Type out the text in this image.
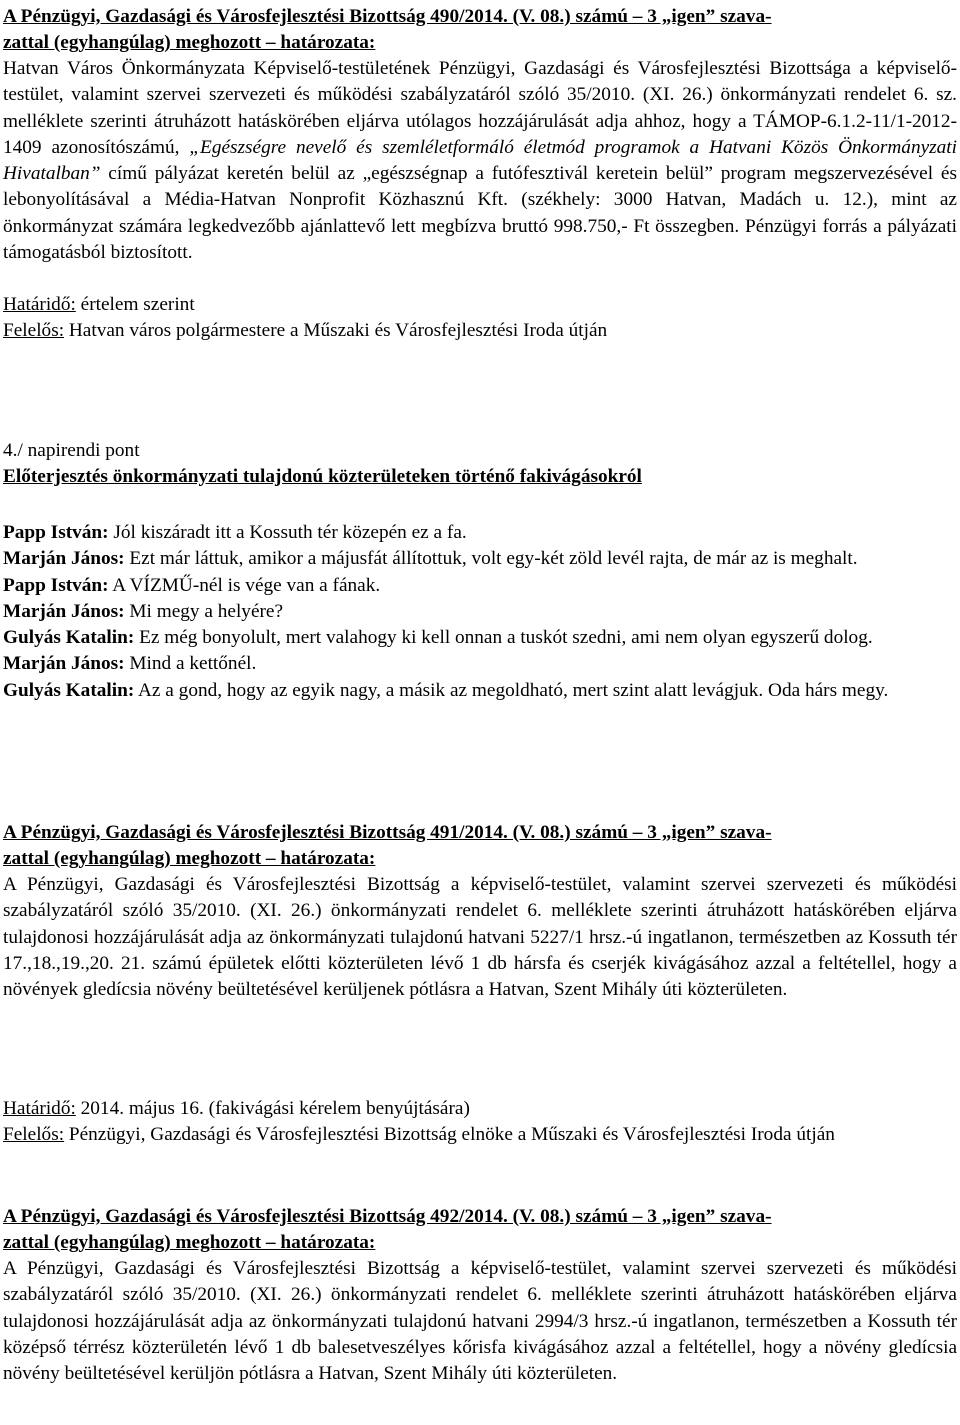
A Pénzügyi, Gazdasági és Városfejlesztési Bizottság 490/2014. (V. 08.) számú – 3 „igen” szava-
zattal (egyhangúlag) meghozott – határozata:

Hatvan Város Önkormányzata Képviselő-testületének Pénzügyi, Gazdasági és Városfejlesztési Bizottsága a képviselő-testület, valamint szervei szervezeti és működési szabályzatáról szóló 35/2010. (XI. 26.) önkormányzati rendelet 6. sz. melléklete szerinti átruházott hatáskörében eljárva utólagos hozzájárulását adja ahhoz, hogy a TÁMOP-6.1.2-11/1-2012-1409 azonosítószámú, „Egészségre nevelő és szemléletformáló életmód programok a Hatvani Közös Önkormányzati Hivatalban” című pályázat keretén belül az „egészségnap a futófesztivál keretein belül” program megszervezésével és lebonyolításával a Média-Hatvan Nonprofit Közhasznú Kft. (székhely: 3000 Hatvan, Madách u. 12.), mint az önkormányzat számára legkedvezőbb ajánlattevő lett megbízva bruttó 998.750,- Ft összegben. Pénzügyi forrás a pályázati támogatásból biztosított.

Határidő: értelem szerint
Felelős: Hatvan város polgármestere a Műszaki és Városfejlesztési Iroda útján
4./ napirendi pont
Előterjesztés önkormányzati tulajdonú közterületeken történő fakivágásokról
Papp István: Jól kiszáradt itt a Kossuth tér közepén ez a fa.
Marján János: Ezt már láttuk, amikor a májusfát állítottuk, volt egy-két zöld levél rajta, de már az is meghalt.
Papp István: A VÍZMŰ-nél is vége van a fának.
Marján János: Mi megy a helyére?
Gulyás Katalin: Ez még bonyolult, mert valahogy ki kell onnan a tuskót szedni, ami nem olyan egyszerű dolog.
Marján János: Mind a kettőnél.
Gulyás Katalin: Az a gond, hogy az egyik nagy, a másik az megoldható, mert szint alatt levágjuk. Oda hárs megy.
A Pénzügyi, Gazdasági és Városfejlesztési Bizottság 491/2014. (V. 08.) számú – 3 „igen” szava-
zattal (egyhangúlag) meghozott – határozata:

A Pénzügyi, Gazdasági és Városfejlesztési Bizottság a képviselő-testület, valamint szervei szervezeti és működési szabályzatáról szóló 35/2010. (XI. 26.) önkormányzati rendelet 6. melléklete szerinti átruházott hatáskörében eljárva tulajdonosi hozzájárulását adja az önkormányzati tulajdonú hatvani 5227/1 hrsz.-ú ingatlanon, természetben az Kossuth tér 17.,18.,19.,20. 21. számú épületek előtti közterületen lévő 1 db hársfa és cserjék kivágásához azzal a feltétellel, hogy a növények gledícsia növény beültetésével kerüljenek pótlásra a Hatvan, Szent Mihály úti közterületen.

Határidő: 2014. május 16. (fakivágási kérelem benyújtására)

Felelős: Pénzügyi, Gazdasági és Városfejlesztési Bizottság elnöke a Műszaki és Városfejlesztési Iroda útján

A Pénzügyi, Gazdasági és Városfejlesztési Bizottság 492/2014. (V. 08.) számú – 3 „igen” szava-
zattal (egyhangúlag) meghozott – határozata:

A Pénzügyi, Gazdasági és Városfejlesztési Bizottság a képviselő-testület, valamint szervei szervezeti és működési szabályzatáról szóló 35/2010. (XI. 26.) önkormányzati rendelet 6. melléklete szerinti átruházott hatáskörében eljárva tulajdonosi hozzájárulását adja az önkormányzati tulajdonú hatvani 2994/3 hrsz.-ú ingatlanon, természetben a Kossuth tér középső térrész közterületén lévő 1 db balesetveszélyes kőrisfa kivágásához azzal a feltétellel, hogy a növény gledícsia növény beültetésével kerüljön pótlásra a Hatvan, Szent Mihály úti közterületen.
